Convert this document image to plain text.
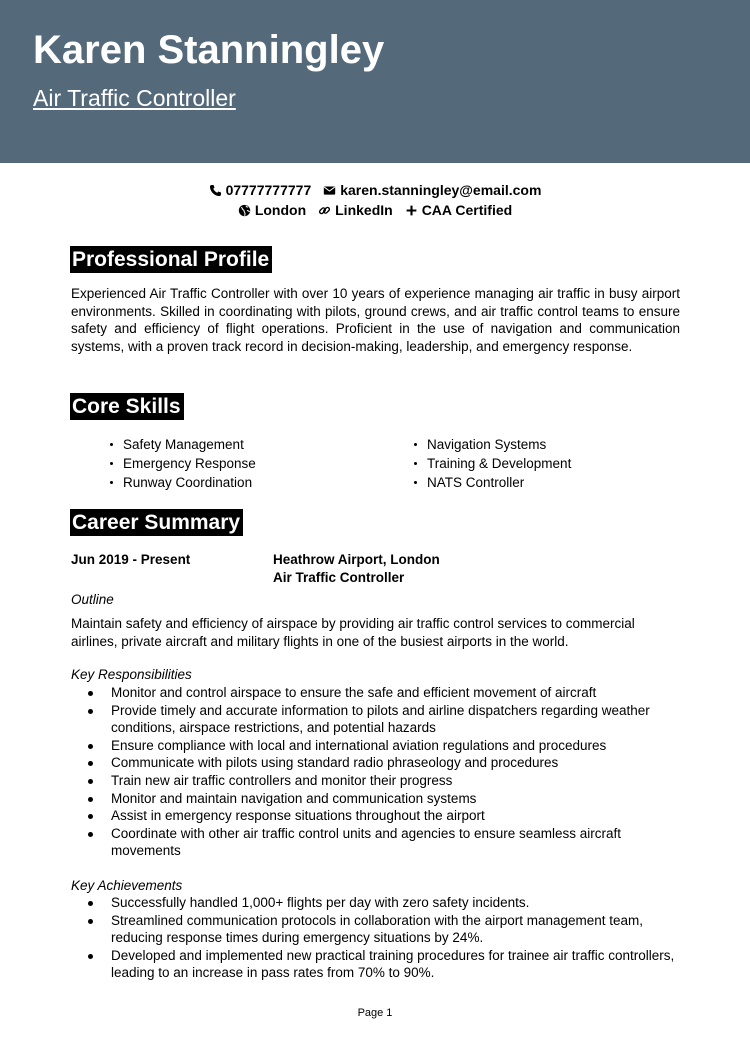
Karen Stanningley
Air Traffic Controller
07777777777 karen.stanningley@email.com
London LinkedIn CAA Certified
Professional Profile
Experienced Air Traffic Controller with over 10 years of experience managing air traffic in busy airport environments. Skilled in coordinating with pilots, ground crews, and air traffic control teams to ensure safety and efficiency of flight operations. Proficient in the use of navigation and communication systems, with a proven track record in decision-making, leadership, and emergency response.
Core Skills
Safety Management
Emergency Response
Runway Coordination
Navigation Systems
Training & Development
NATS Controller
Career Summary
Jun 2019 - Present	Heathrow Airport, London
Air Traffic Controller
Outline
Maintain safety and efficiency of airspace by providing air traffic control services to commercial airlines, private aircraft and military flights in one of the busiest airports in the world.
Key Responsibilities
Monitor and control airspace to ensure the safe and efficient movement of aircraft
Provide timely and accurate information to pilots and airline dispatchers regarding weather conditions, airspace restrictions, and potential hazards
Ensure compliance with local and international aviation regulations and procedures
Communicate with pilots using standard radio phraseology and procedures
Train new air traffic controllers and monitor their progress
Monitor and maintain navigation and communication systems
Assist in emergency response situations throughout the airport
Coordinate with other air traffic control units and agencies to ensure seamless aircraft movements
Key Achievements
Successfully handled 1,000+ flights per day with zero safety incidents.
Streamlined communication protocols in collaboration with the airport management team, reducing response times during emergency situations by 24%.
Developed and implemented new practical training procedures for trainee air traffic controllers, leading to an increase in pass rates from 70% to 90%.
Page 1
